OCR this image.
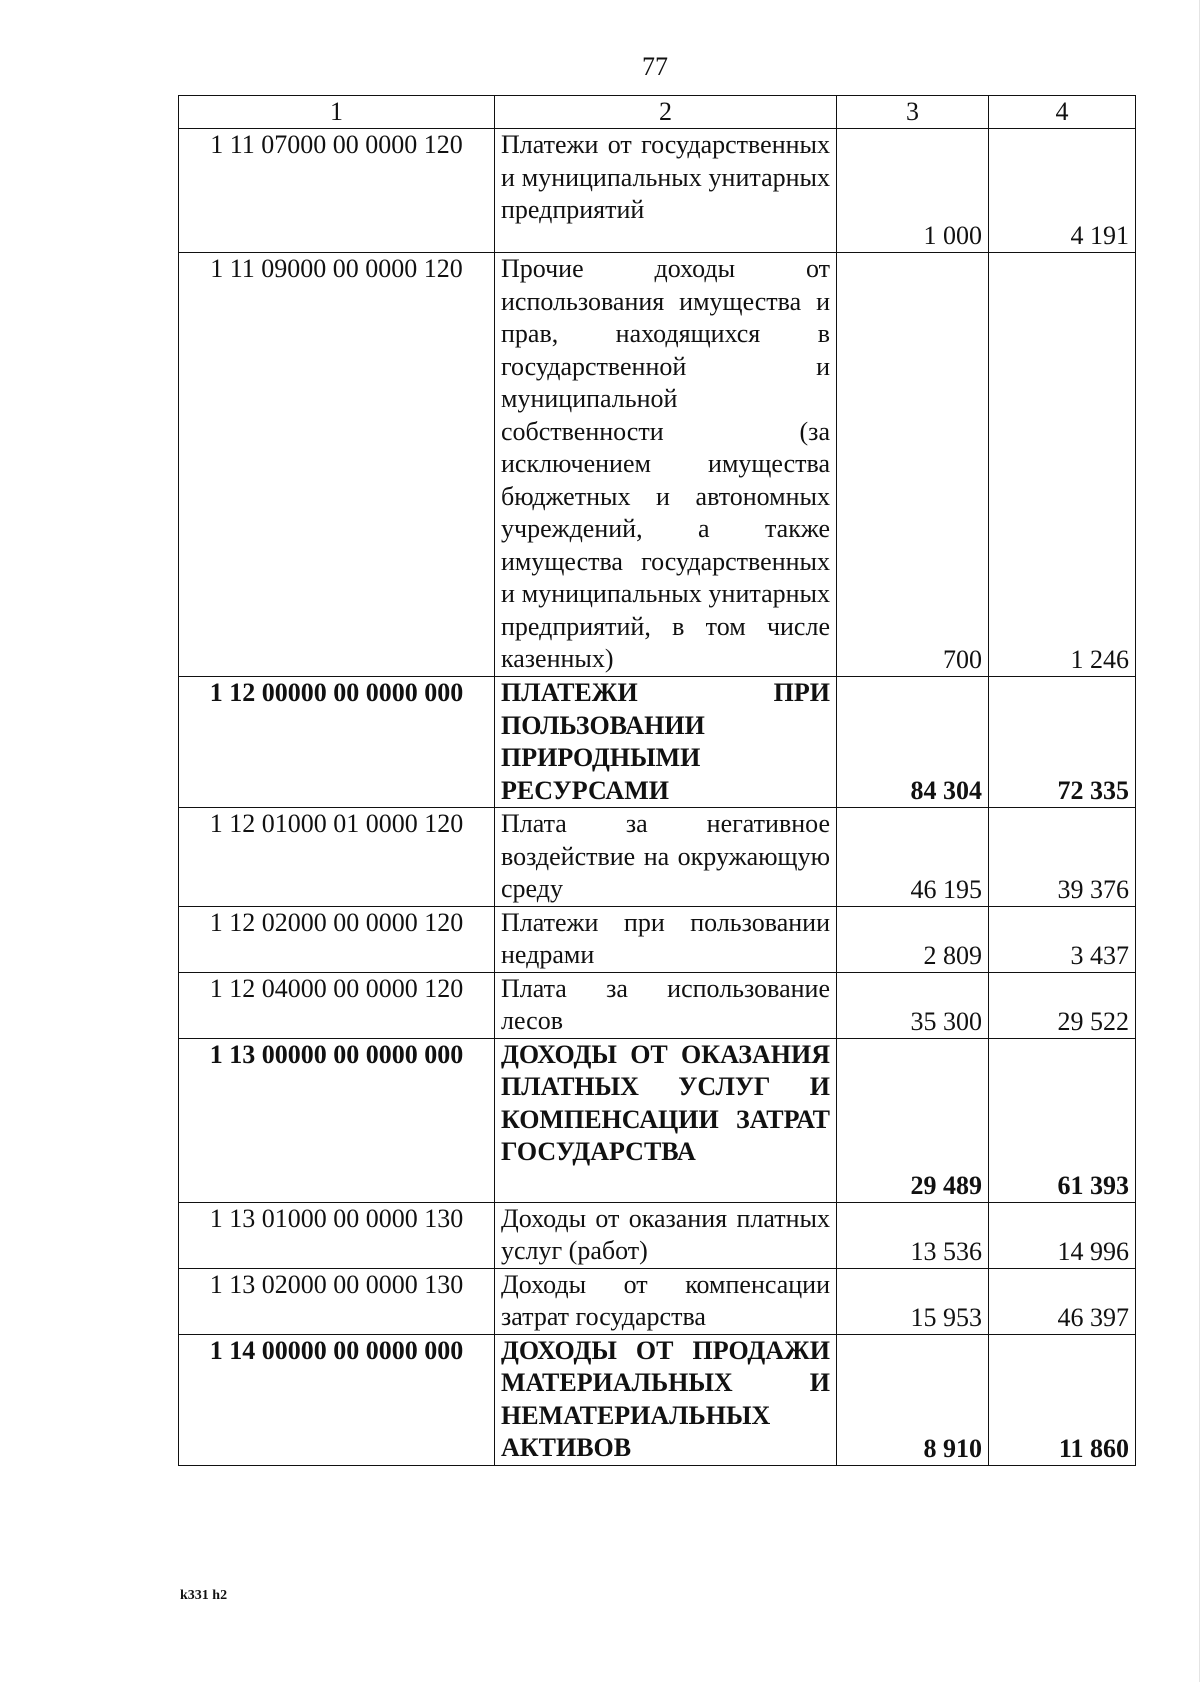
77
1	2	3	4
1 11 07000 00 0000 120	Платежи от государственных и муниципальных унитарных предприятий	1 000	4 191
1 11 09000 00 0000 120	Прочие доходы от использования имущества и прав, находящихся в государственной и муниципальной собственности (за исключением имущества бюджетных и автономных учреждений, а также имущества государственных и муниципальных унитарных предприятий, в том числе казенных)	700	1 246
1 12 00000 00 0000 000	ПЛАТЕЖИ ПРИ ПОЛЬЗОВАНИИ ПРИРОДНЫМИ РЕСУРСАМИ	84 304	72 335
1 12 01000 01 0000 120	Плата за негативное воздействие на окружающую среду	46 195	39 376
1 12 02000 00 0000 120	Платежи при пользовании недрами	2 809	3 437
1 12 04000 00 0000 120	Плата за использование лесов	35 300	29 522
1 13 00000 00 0000 000	ДОХОДЫ ОТ ОКАЗАНИЯ ПЛАТНЫХ УСЛУГ И КОМПЕНСАЦИИ ЗАТРАТ ГОСУДАРСТВА	29 489	61 393
1 13 01000 00 0000 130	Доходы от оказания платных услуг (работ)	13 536	14 996
1 13 02000 00 0000 130	Доходы от компенсации затрат государства	15 953	46 397
1 14 00000 00 0000 000	ДОХОДЫ ОТ ПРОДАЖИ МАТЕРИАЛЬНЫХ И НЕМАТЕРИАЛЬНЫХ АКТИВОВ	8 910	11 860
k331 h2
